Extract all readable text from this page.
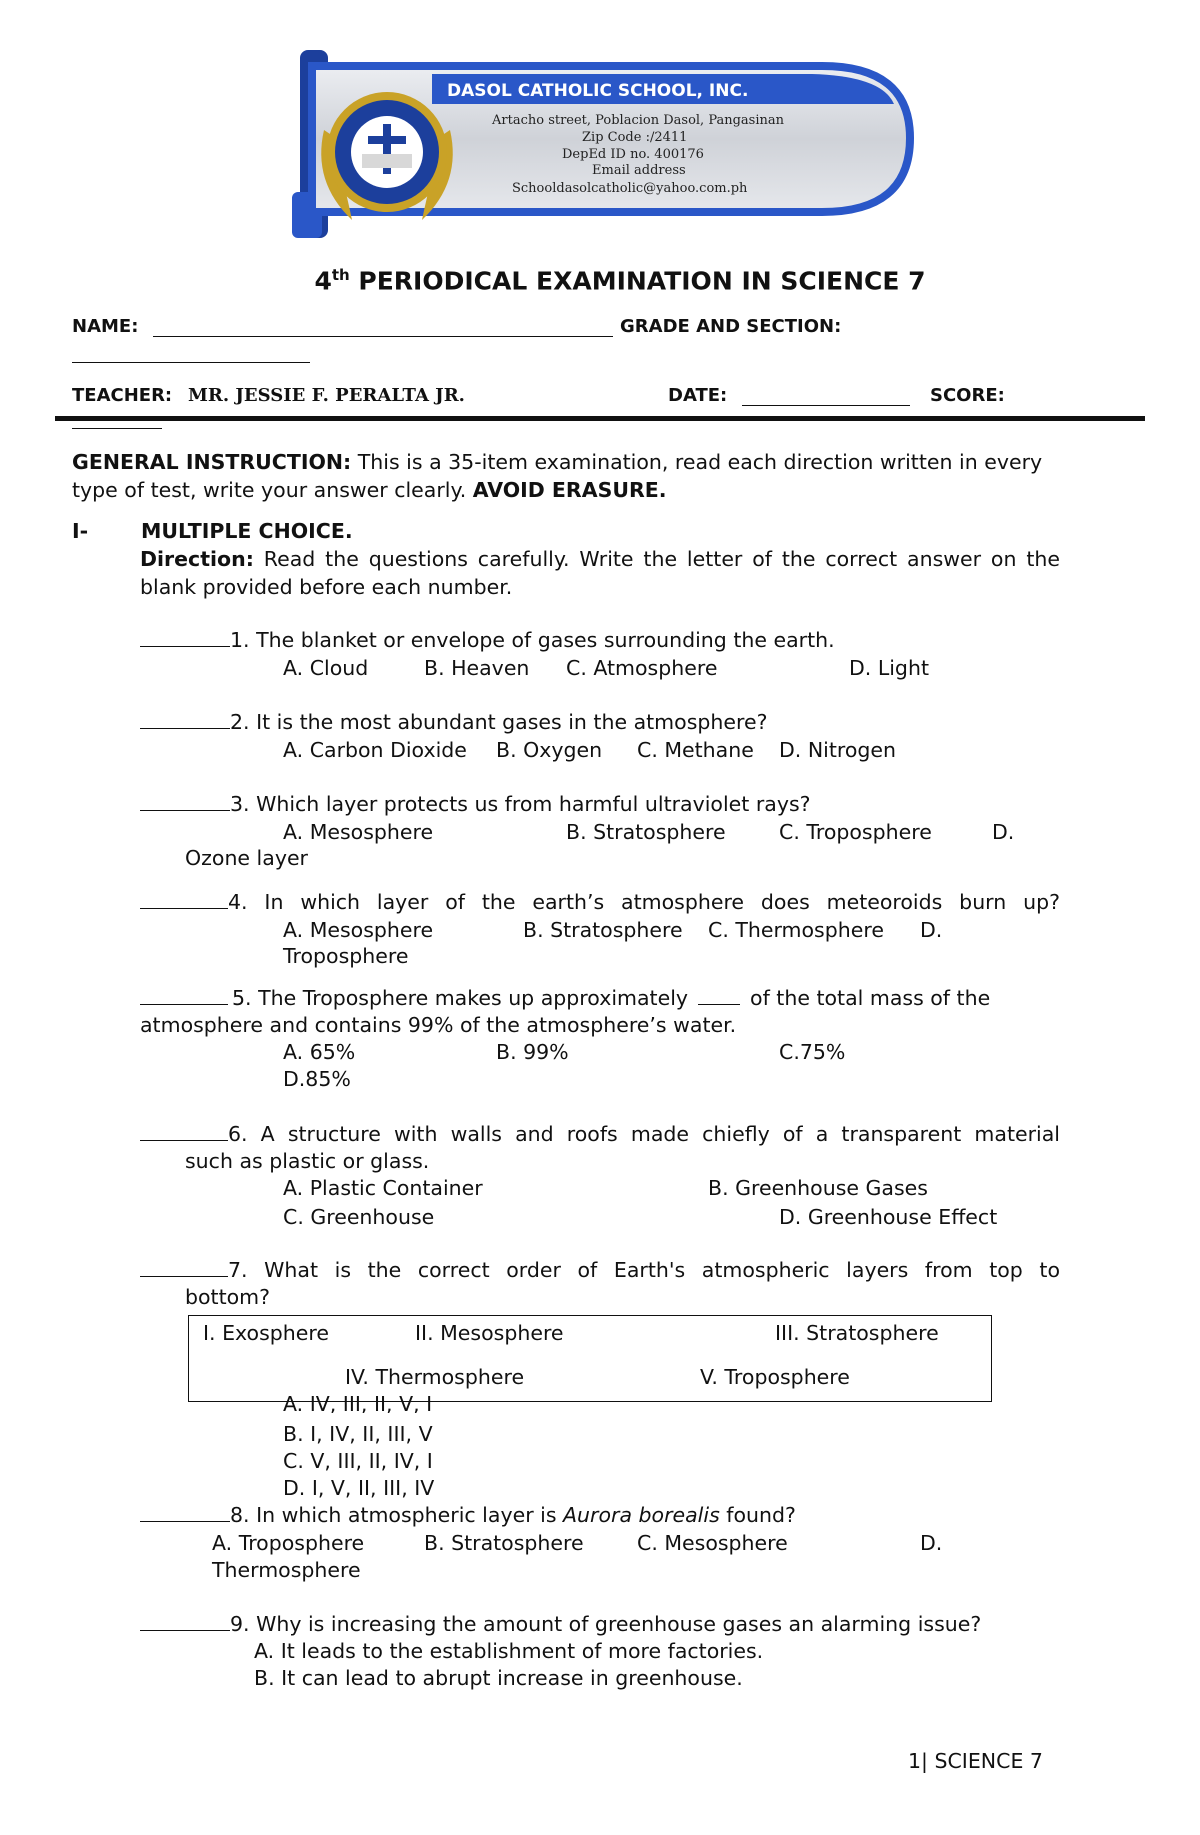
DASOL CATHOLIC SCHOOL, INC.
Artacho street, Poblacion Dasol, Pangasinan
Zip Code :/2411
DepEd ID no. 400176
Email address
Schooldasolcatholic@yahoo.com.ph
4th PERIODICAL EXAMINATION IN SCIENCE 7
NAME:	GRADE AND SECTION:
TEACHER: MR. JESSIE F. PERALTA JR.	DATE:	SCORE:
GENERAL INSTRUCTION: This is a 35-item examination, read each direction written in every type of test, write your answer clearly. AVOID ERASURE.
I-	MULTIPLE CHOICE.
Direction: Read the questions carefully. Write the letter of the correct answer on the blank provided before each number.
1. The blanket or envelope of gases surrounding the earth.
A. Cloud	B. Heaven C. Atmosphere	D. Light
2. It is the most abundant gases in the atmosphere?
A. Carbon Dioxide B. Oxygen C. Methane D. Nitrogen
3. Which layer protects us from harmful ultraviolet rays?
A. Mesosphere	B. Stratosphere	C. Troposphere	D.
Ozone layer
4. In which layer of the earth’s atmosphere does meteoroids burn up?
A. Mesosphere	B. Stratosphere C. Thermosphere D.
Troposphere
5. The Troposphere makes up approximately	of the total mass of the
atmosphere and contains 99% of the atmosphere’s water.
A. 65%	B. 99%	C.75%
D.85%
6. A structure with walls and roofs made chiefly of a transparent material
such as plastic or glass.
A. Plastic Container	B. Greenhouse Gases
C. Greenhouse	D. Greenhouse Effect
7. What is the correct order of Earth's atmospheric layers from top to
bottom?
I. Exosphere	II. Mesosphere	III. Stratosphere
IV. Thermosphere	V. Troposphere
A. IV, III, II, V, I
B. I, IV, II, III, V
C. V, III, II, IV, I
D. I, V, II, III, IV
8. In which atmospheric layer is Aurora borealis found?
A. Troposphere	B. Stratosphere	C. Mesosphere	D.
Thermosphere
9. Why is increasing the amount of greenhouse gases an alarming issue?
A. It leads to the establishment of more factories.
B. It can lead to abrupt increase in greenhouse.
1| SCIENCE 7
